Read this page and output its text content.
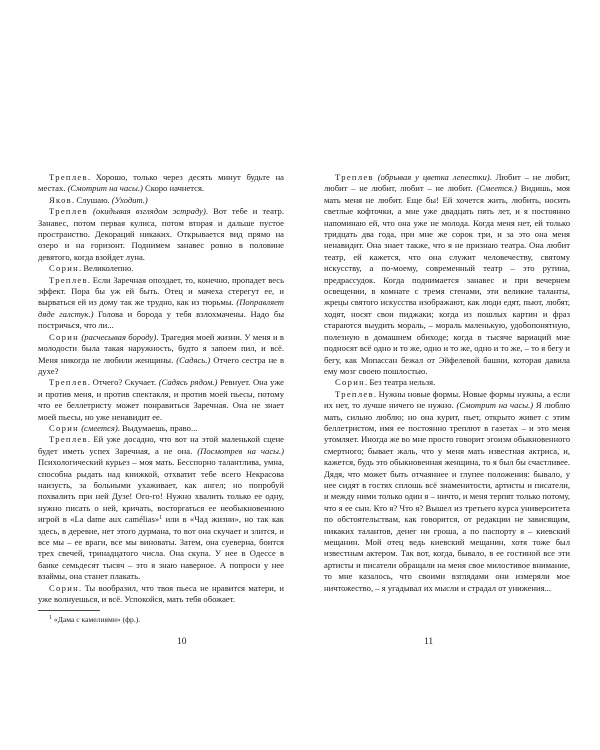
Треплев. Хорошо, только через десять минут будьте на местах. (Смотрит на часы.) Скоро начнется.

Яков. Слушаю. (Уходит.)

Треплев (окидывая взглядом эстраду). Вот тебе и театр. Занавес, потом первая кулиса, потом вторая и дальше пустое пространство. Декораций никаких. Открывается вид прямо на озеро и на горизонт. Поднимем занавес ровно в половине девятого, когда взойдет луна.

Сорин. Великолепно.

Треплев. Если Заречная опоздает, то, конечно, пропадет весь эффект. Пора бы уж ей быть. Отец и мачеха стерегут ее, и вырваться ей из дому так же трудно, как из тюрьмы. (Поправляет дяде галстук.) Голова и борода у тебя взлохмачены. Надо бы постричься, что ли...

Сорин (расчесывая бороду). Трагедия моей жизни. У меня и в молодости была такая наружность, будто я запоем пил, и всё. Меня никогда не любили женщины. (Садясь.) Отчего сестра не в духе?

Треплев. Отчего? Скучает. (Садясь рядом.) Ревнует. Она уже и против меня, и против спектакля, и против моей пьесы, потому что ее беллетристу может понравиться Заречная. Она не знает моей пьесы, но уже ненавидит ее.

Сорин (смеется). Выдумаешь, право...

Треплев. Ей уже досадно, что вот на этой маленькой сцене будет иметь успех Заречная, а не она. (Посмотрев на часы.) Психологический курьез – моя мать. Бесспорно талантлива, умна, способна рыдать над книжкой, отхватит тебе всего Некрасова наизусть, за больными ухаживает, как ангел; но попробуй похвалить при ней Дузе! Ого-го! Нужно хвалить только ее одну, нужно писать о ней, кричать, восторгаться ее необыкновенною игрой в «La dame aux camélias»$^1$ или в «Чад жизни», но так как здесь, в деревне, нет этого дурмана, то вот она скучает и злится, и все мы – ее враги, все мы виноваты. Затем, она суеверна, боится трех свечей, тринадцатого числа. Она скупа. У нее в Одессе в банке семьдесят тысяч – это я знаю наверное. А попроси у нее взаймы, она станет плакать.

Сорин. Ты вообразил, что твоя пьеса не нравится матери, и уже волнуешься, и всё. Успокойся, мать тебя обожает.

$^1$ «Дама с камелиями» (фр.).
10

Треплев (обрывая у цветка лепестки). Любит – не любит, любит – не любит, любит – не любит. (Смеется.) Видишь, моя мать меня не любит. Еще бы! Ей хочется жить, любить, носить светлые кофточки, а мне уже двадцать пять лет, и я постоянно напоминаю ей, что она уже не молода. Когда меня нет, ей только тридцать два года, при мне же сорок три, и за это она меня ненавидит. Она знает также, что я не признаю театра. Она любит театр, ей кажется, что она служит человечеству, святому искусству, а по-моему, современный театр – это рутина, предрассудок. Когда поднимается занавес и при вечернем освещении, в комнате с тремя стенами, эти великие таланты, жрецы святого искусства изображают, как люди едят, пьют, любят, ходят, носят свои пиджаки; когда из пошлых картин и фраз стараются выудить мораль, – мораль маленькую, удобопонятную, полезную в домашнем обиходе; когда в тысяче вариаций мне подносят всё одно и то же, одно и то же, одно и то же, – то я бегу и бегу, как Мопассан бежал от Эйфелевой башни, которая давила ему мозг своею пошлостью.

Сорин. Без театра нельзя.

Треплев. Нужны новые формы. Новые формы нужны, а если их нет, то лучше ничего не нужно. (Смотрит на часы.) Я люблю мать, сильно люблю; но она курит, пьет, открыто живет с этим беллетристом, имя ее постоянно треплют в газетах – и это меня утомляет. Иногда же во мне просто говорит эгоизм обыкновенного смертного; бывает жаль, что у меня мать известная актриса, и, кажется, будь это обыкновенная женщина, то я был бы счастливее. Дядя, что может быть отчаяннее и глупее положения: бывало, у нее сидят в гостях сплошь всё знаменитости, артисты и писатели, и между ними только один я – ничто, и меня терпят только потому, что я ее сын. Кто я? Что я? Вышел из третьего курса университета по обстоятельствам, как говорится, от редакции не зависящим, никаких талантов, денег ни гроша, а по паспорту я – киевский мещанин. Мой отец ведь киевский мещанин, хотя тоже был известным актером. Так вот, когда, бывало, в ее гостиной все эти артисты и писатели обращали на меня свое милостивое внимание, то мне казалось, что своими взглядами они измеряли мое ничтожество, – я угадывал их мысли и страдал от унижения...

11
